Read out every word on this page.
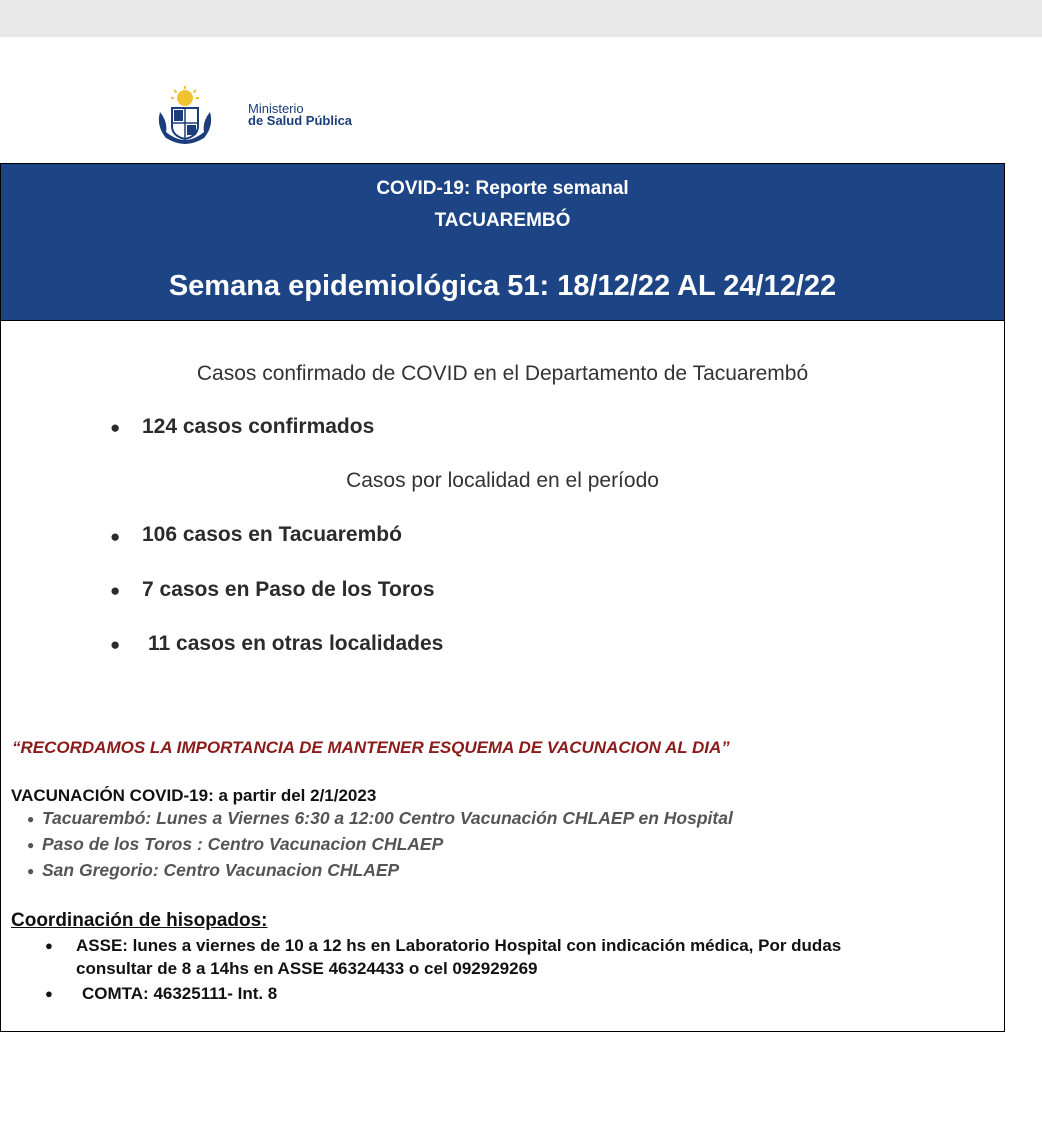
Ministerio
de Salud Pública
COVID-19: Reporte semanal
TACUAREMBÓ
Semana epidemiológica 51: 18/12/22 AL 24/12/22
Casos confirmado de COVID en el Departamento de Tacuarembó
● 124 casos confirmados
Casos por localidad en el período
● 106 casos en Tacuarembó
● 7 casos en Paso de los Toros
● 11 casos en otras localidades
“RECORDAMOS LA IMPORTANCIA DE MANTENER ESQUEMA DE VACUNACION AL DIA”
VACUNACIÓN COVID-19: a partir del 2/1/2023
● Tacuarembó: Lunes a Viernes 6:30 a 12:00 Centro Vacunación CHLAEP en Hospital
● Paso de los Toros : Centro Vacunacion CHLAEP
● San Gregorio: Centro Vacunacion CHLAEP
Coordinación de hisopados:
● ASSE: lunes a viernes de 10 a 12 hs en Laboratorio Hospital con indicación médica, Por dudas
consultar de 8 a 14hs en ASSE 46324433 o cel 092929269
● COMTA: 46325111- Int. 8
